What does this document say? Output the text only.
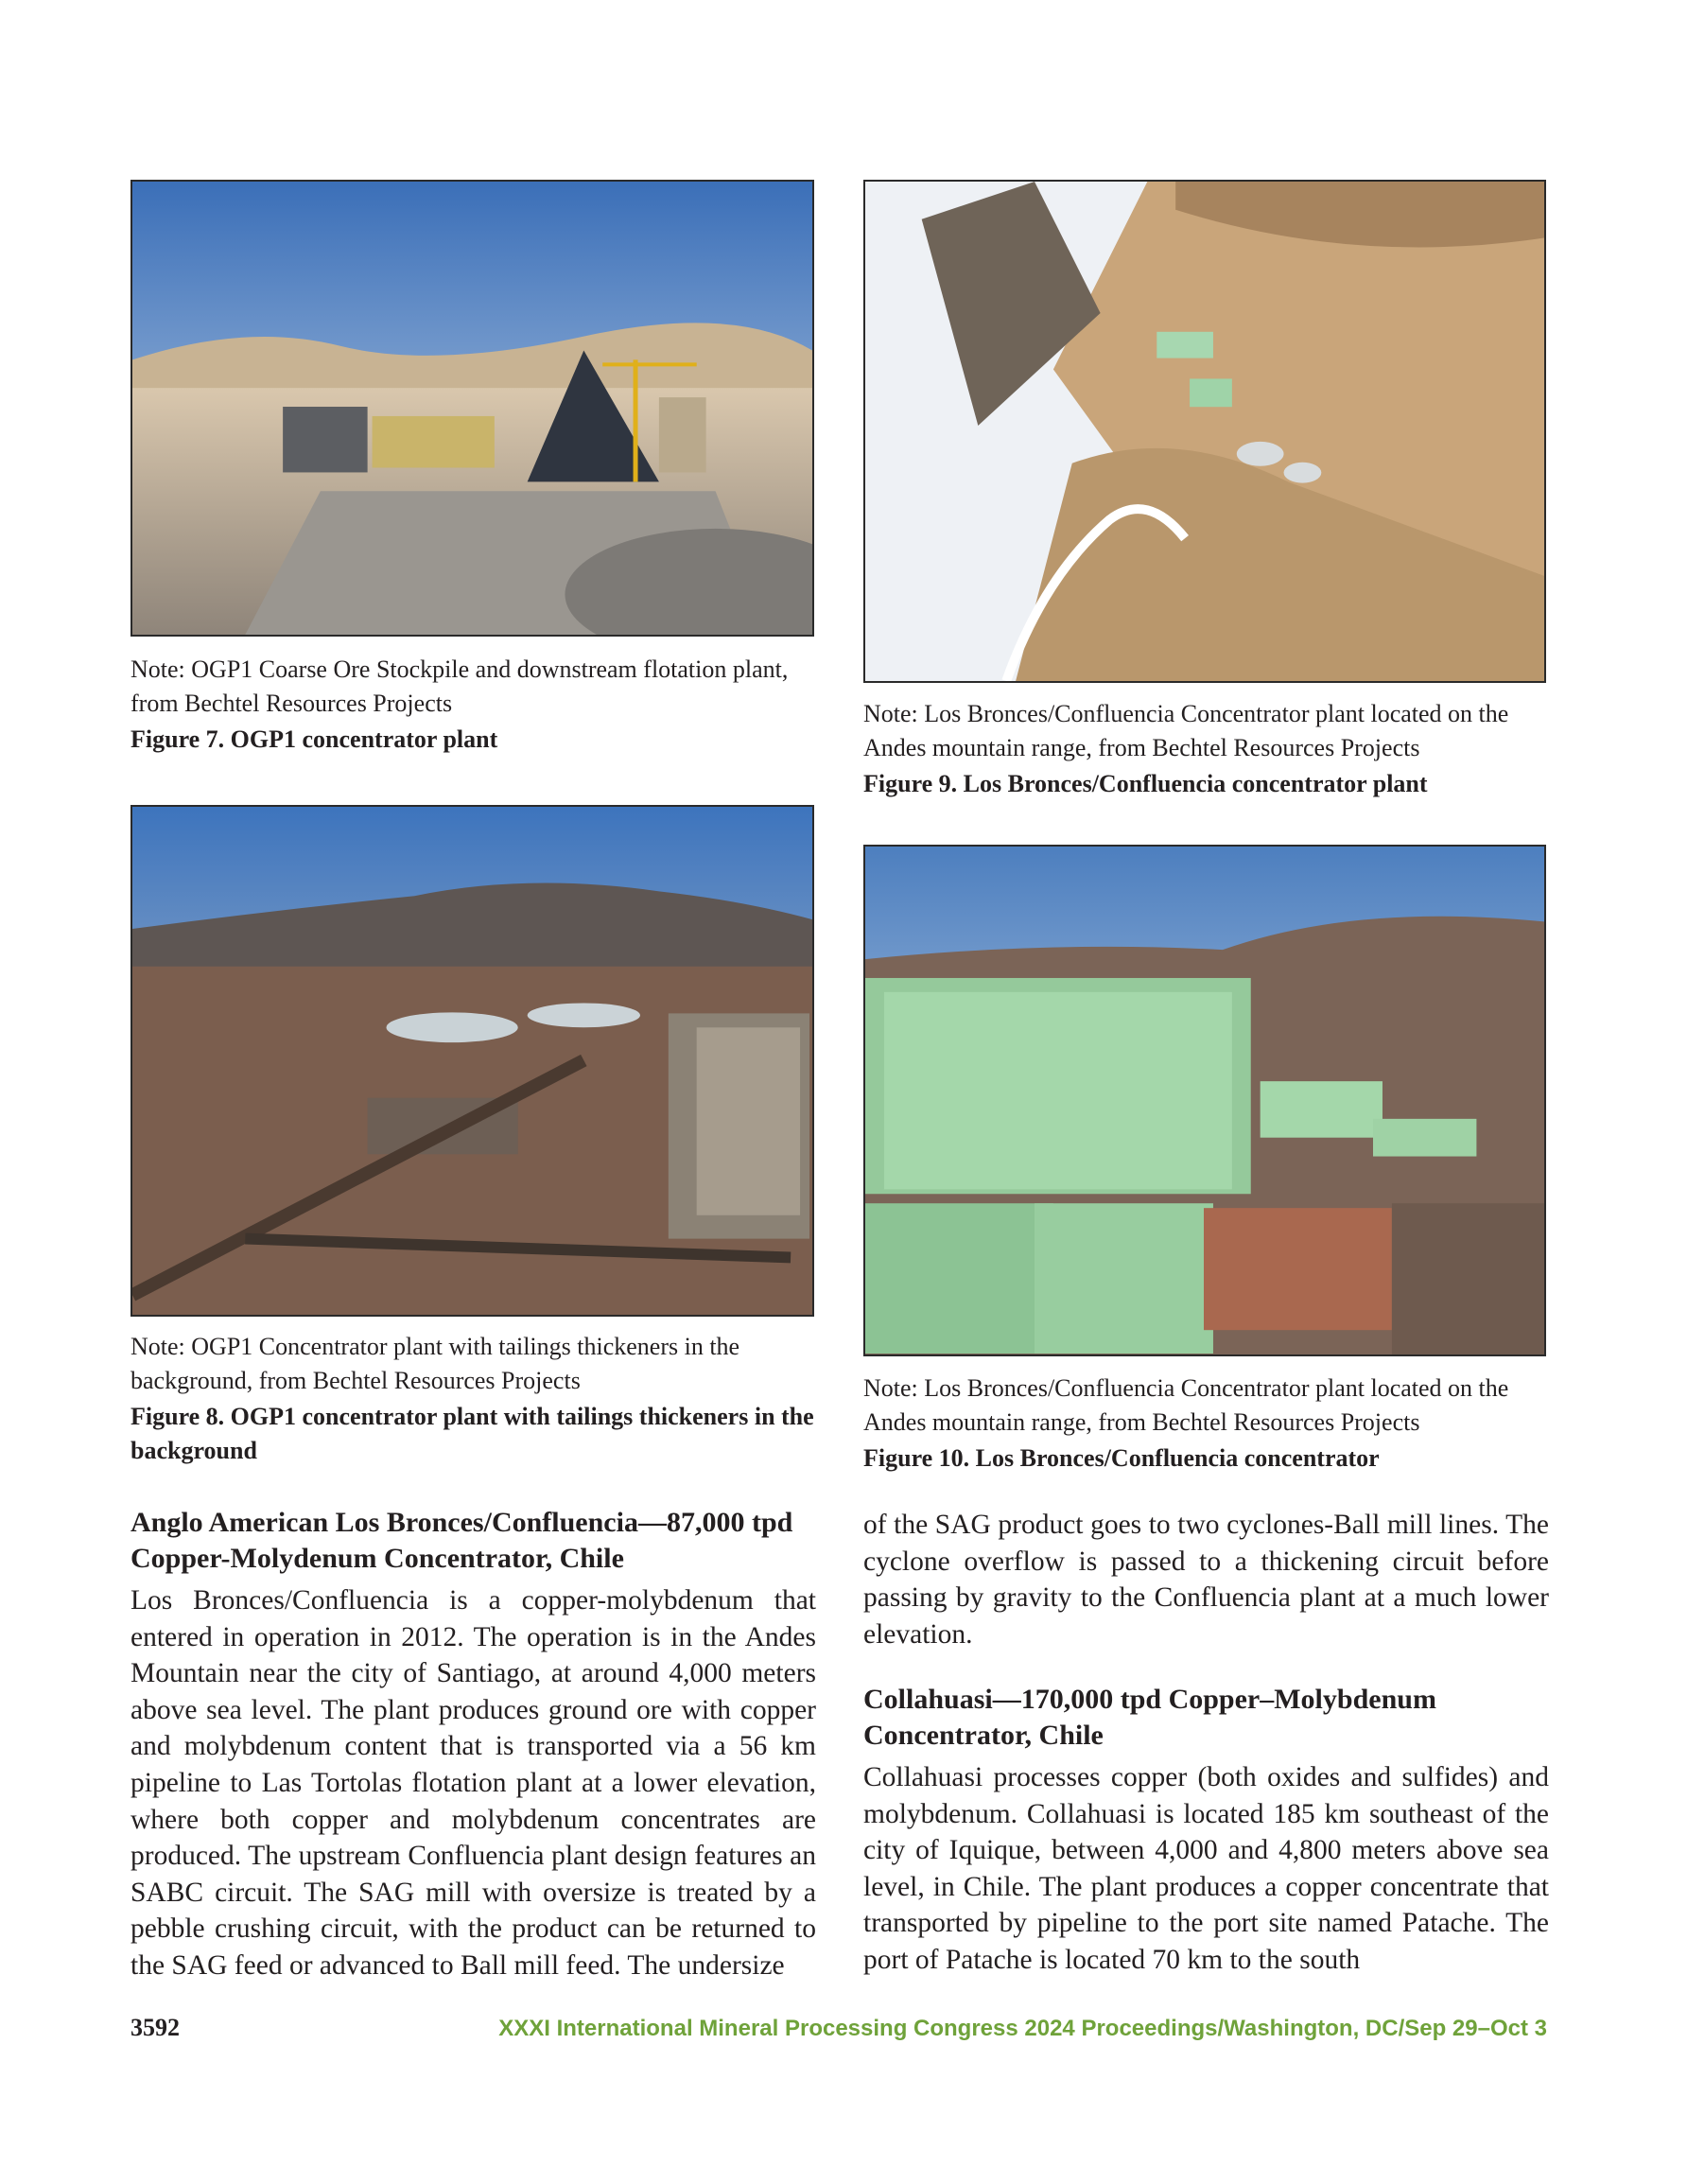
Note: OGP1 Coarse Ore Stockpile and downstream flotation plant, from Bechtel Resources Projects
Figure 7. OGP1 concentrator plant
Note: OGP1 Concentrator plant with tailings thickeners in the background, from Bechtel Resources Projects
Figure 8. OGP1 concentrator plant with tailings thickeners in the background
Note: Los Bronces/Confluencia Concentrator plant located on the Andes mountain range, from Bechtel Resources Projects
Figure 9. Los Bronces/Confluencia concentrator plant
Note: Los Bronces/Confluencia Concentrator plant located on the Andes mountain range, from Bechtel Resources Projects
Figure 10. Los Bronces/Confluencia concentrator
Anglo American Los Bronces/Confluencia—87,000 tpd Copper-Molydenum Concentrator, Chile

Los Bronces/Confluencia is a copper-molybdenum that entered in operation in 2012. The operation is in the Andes Mountain near the city of Santiago, at around 4,000 meters above sea level. The plant produces ground ore with copper and molybdenum content that is transported via a 56 km pipeline to Las Tortolas flotation plant at a lower elevation, where both copper and molybdenum concentrates are produced. The upstream Confluencia plant design features an SABC circuit. The SAG mill with oversize is treated by a pebble crushing circuit, with the product can be returned to the SAG feed or advanced to Ball mill feed. The undersize

of the SAG product goes to two cyclones-Ball mill lines. The cyclone overflow is passed to a thickening circuit before passing by gravity to the Confluencia plant at a much lower elevation.

Collahuasi—170,000 tpd Copper–Molybdenum Concentrator, Chile

Collahuasi processes copper (both oxides and sulfides) and molybdenum. Collahuasi is located 185 km southeast of the city of Iquique, between 4,000 and 4,800 meters above sea level, in Chile. The plant produces a copper concentrate that transported by pipeline to the port site named Patache. The port of Patache is located 70 km to the south

3592	XXXI International Mineral Processing Congress 2024 Proceedings/Washington, DC/Sep 29–Oct 3
